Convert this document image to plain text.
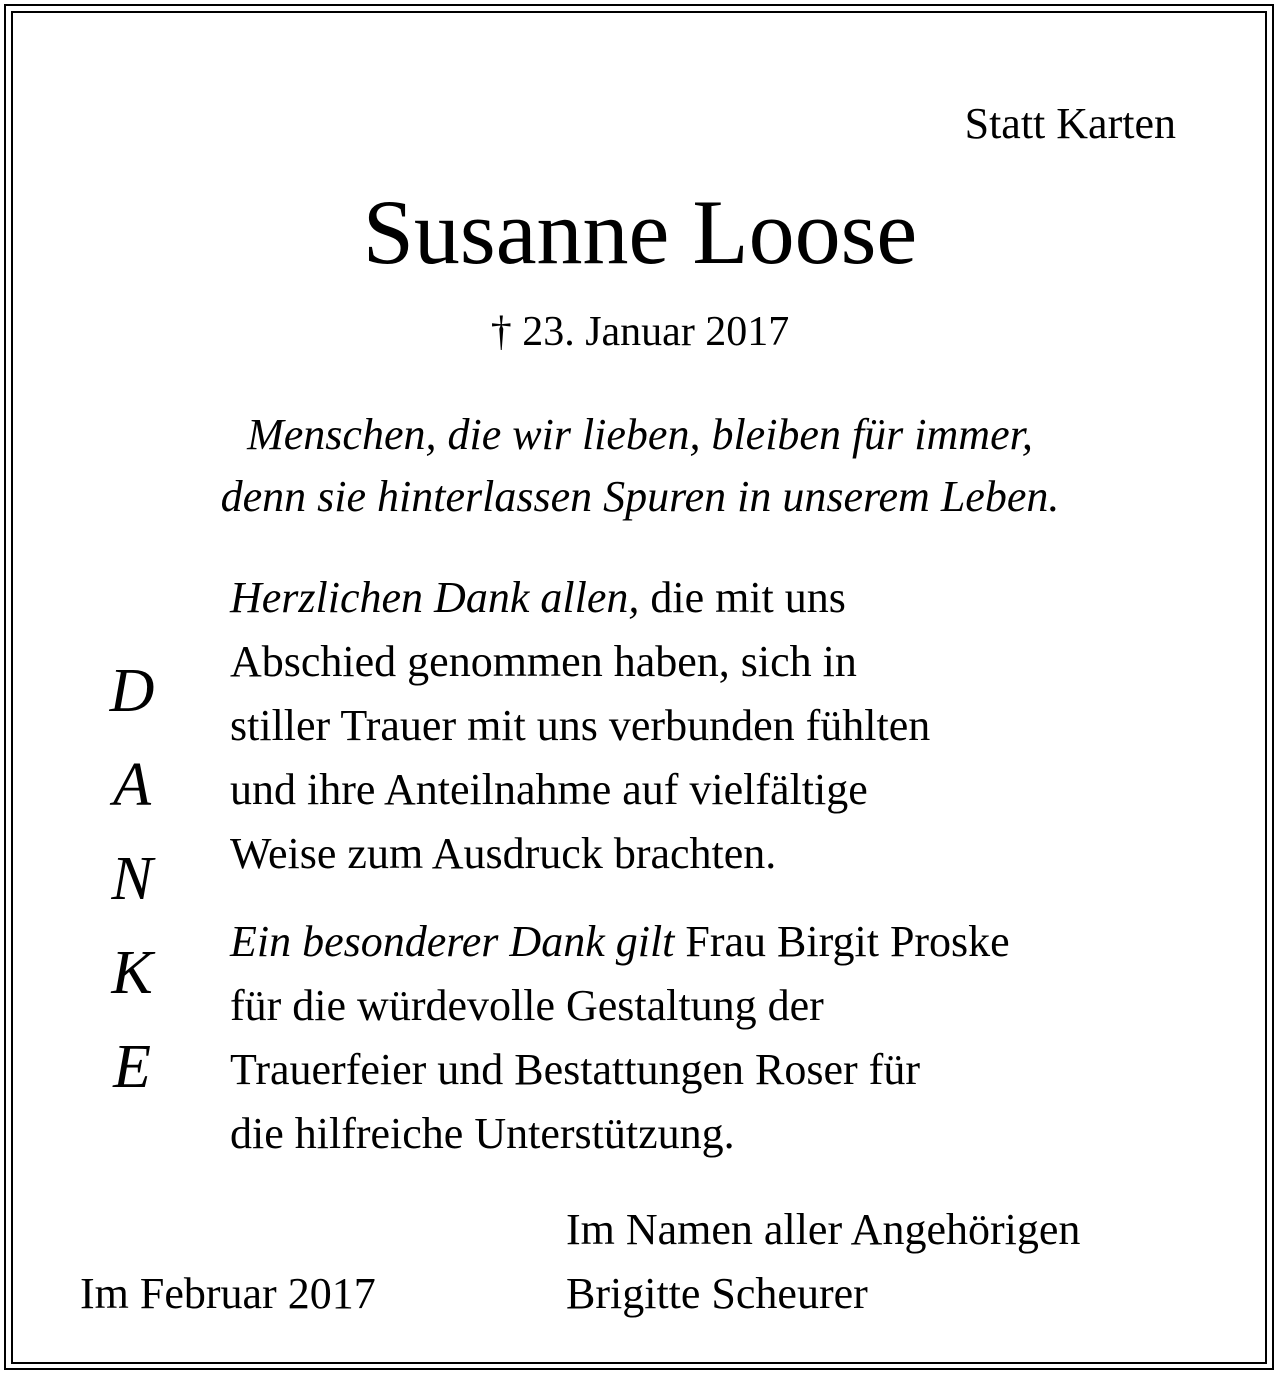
Statt Karten
Susanne Loose
† 23. Januar 2017
Menschen, die wir lieben, bleiben für immer,
denn sie hinterlassen Spuren in unserem Leben.
D
A
N
K
E
Herzlichen Dank allen, die mit uns
Abschied genommen haben, sich in
stiller Trauer mit uns verbunden fühlten
und ihre Anteilnahme auf vielfältige
Weise zum Ausdruck brachten.
Ein besonderer Dank gilt Frau Birgit Proske
für die würdevolle Gestaltung der
Trauerfeier und Bestattungen Roser für
die hilfreiche Unterstützung.
Im Februar 2017
Im Namen aller Angehörigen
Brigitte Scheurer
